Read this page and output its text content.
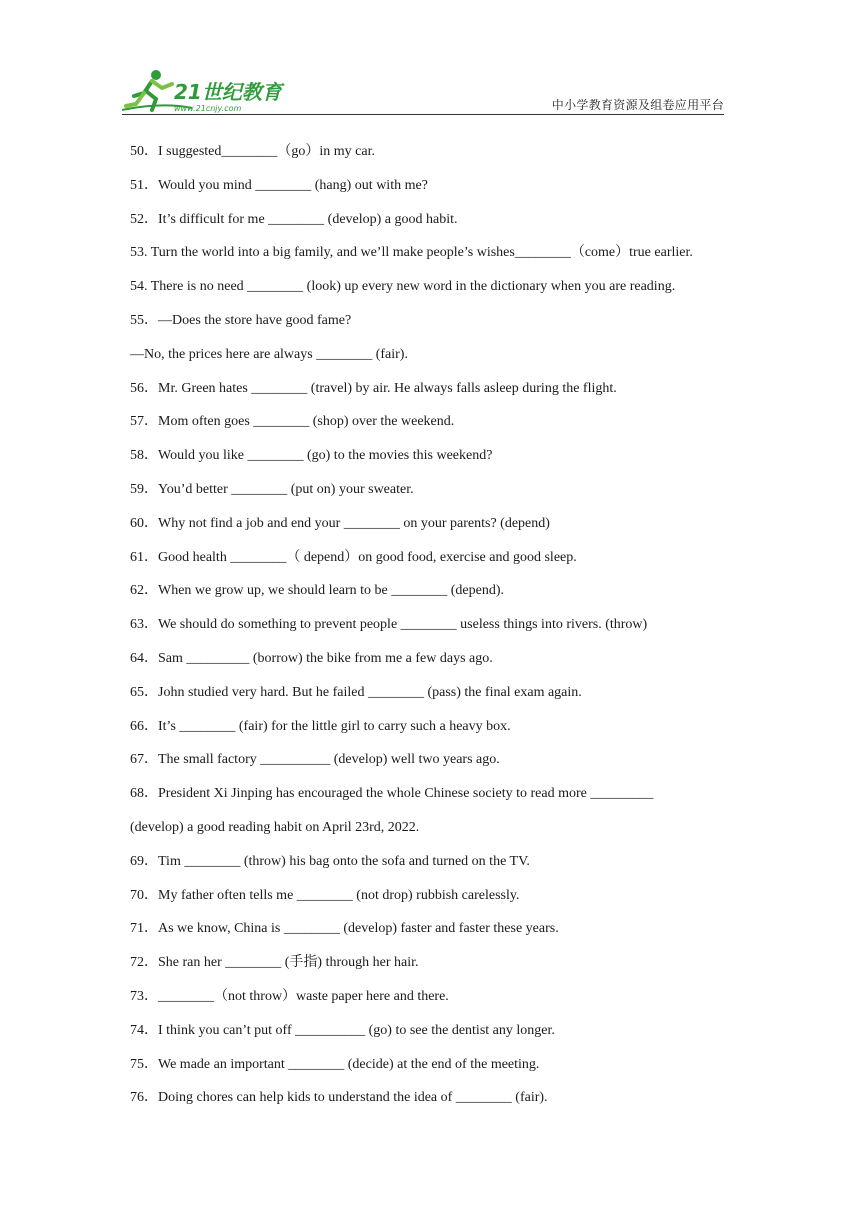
21世纪教育
www.21cnjy.com	中小学教育资源及组卷应用平台
50．I suggested________（go）in my car.
51．Would you mind ________ (hang) out with me?
52．It’s difficult for me ________ (develop) a good habit.
53. Turn the world into a big family, and we’ll make people’s wishes________（come）true earlier.
54. There is no need ________ (look) up every new word in the dictionary when you are reading.
55．—Does the store have good fame?
—No, the prices here are always ________ (fair).
56．Mr. Green hates ________ (travel) by air. He always falls asleep during the flight.
57．Mom often goes ________ (shop) over the weekend.
58．Would you like ________ (go) to the movies this weekend?
59．You’d better ________ (put on) your sweater.
60．Why not find a job and end your ________ on your parents? (depend)
61．Good health ________（ depend）on good food, exercise and good sleep.
62．When we grow up, we should learn to be ________ (depend).
63．We should do something to prevent people ________ useless things into rivers. (throw)
64．Sam _________ (borrow) the bike from me a few days ago.
65．John studied very hard. But he failed ________ (pass) the final exam again.
66．It’s ________ (fair) for the little girl to carry such a heavy box.
67．The small factory __________ (develop) well two years ago.
68．President Xi Jinping has encouraged the whole Chinese society to read more _________
(develop) a good reading habit on April 23rd, 2022.
69．Tim ________ (throw) his bag onto the sofa and turned on the TV.
70．My father often tells me ________ (not drop) rubbish carelessly.
71．As we know, China is ________ (develop) faster and faster these years.
72．She ran her ________ (手指) through her hair.
73．________（not throw）waste paper here and there.
74．I think you can’t put off __________ (go) to see the dentist any longer.
75．We made an important ________ (decide) at the end of the meeting.
76．Doing chores can help kids to understand the idea of ________ (fair).
